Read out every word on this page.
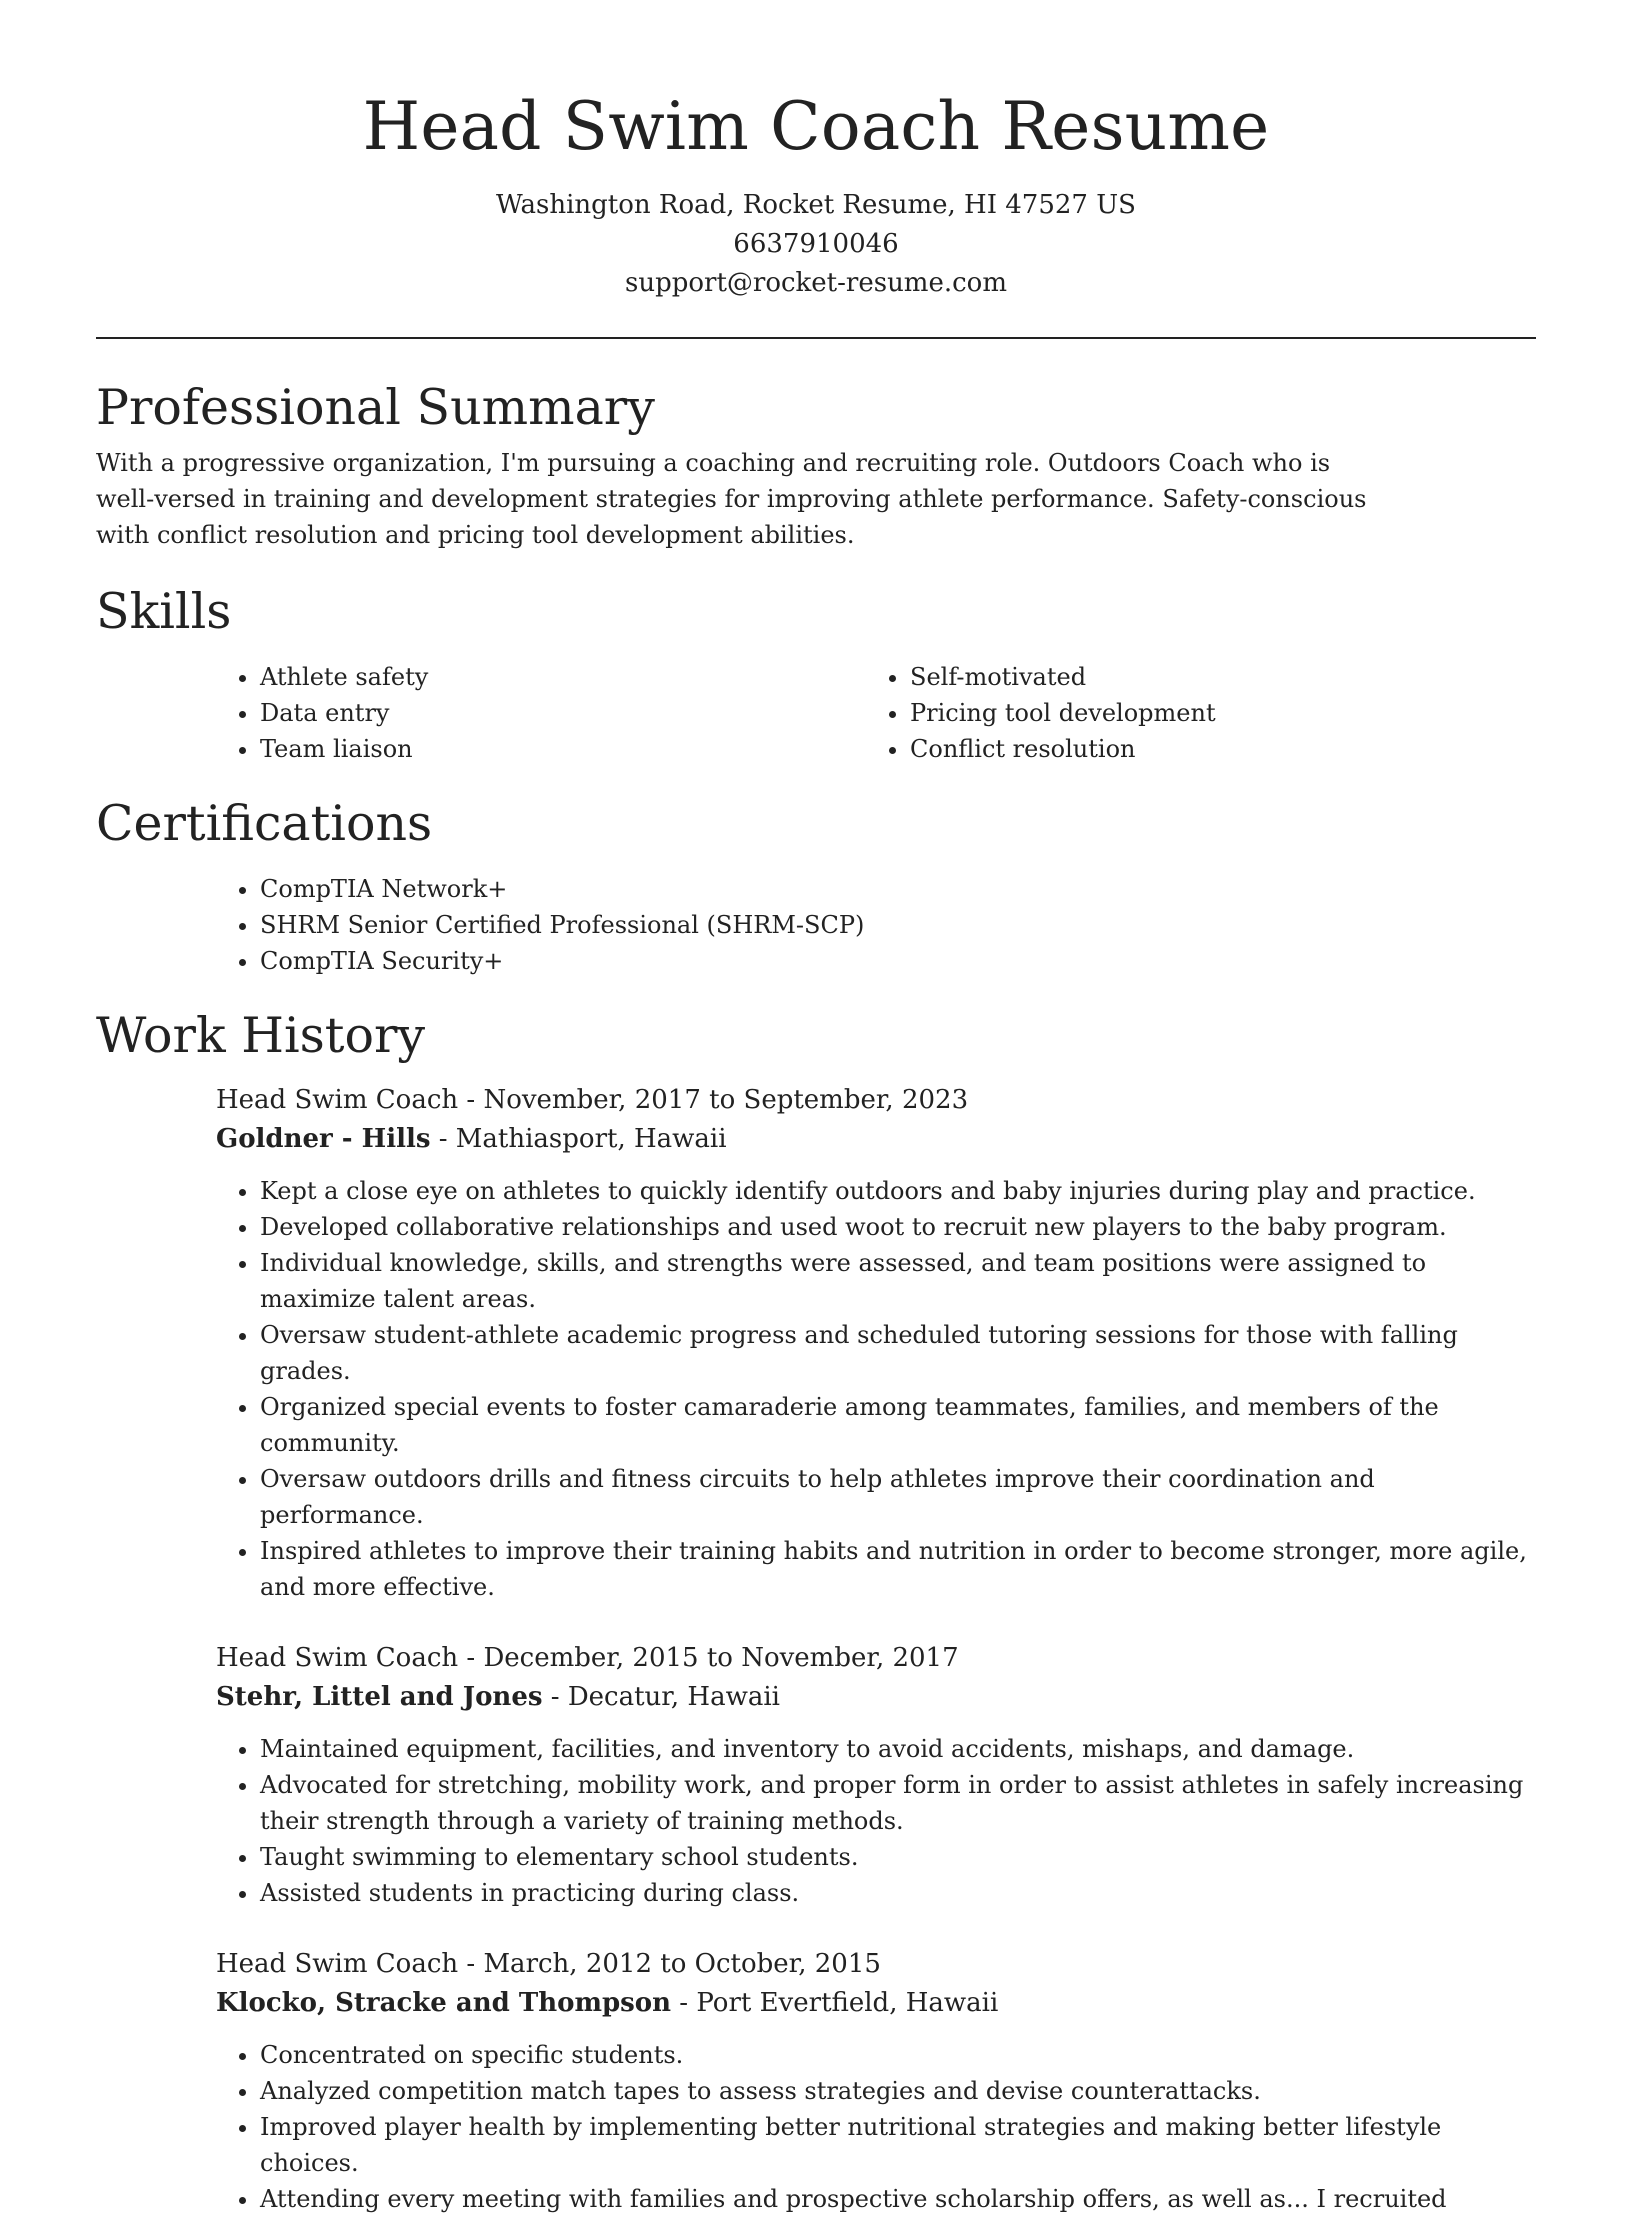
Head Swim Coach Resume

Washington Road, Rocket Resume, HI 47527 US

6637910046

support@rocket-resume.com

Professional Summary

With a progressive organization, I'm pursuing a coaching and recruiting role. Outdoors Coach who is well-versed in training and development strategies for improving athlete performance. Safety-conscious with conflict resolution and pricing tool development abilities.

Skills
• Athlete safety
• Data entry
• Team liaison
• Self-motivated
• Pricing tool development
• Conflict resolution
Certifications
• CompTIA Network+
• SHRM Senior Certified Professional (SHRM-SCP)
• CompTIA Security+
Work History

Head Swim Coach - November, 2017 to September, 2023

Goldner - Hills - Mathiasport, Hawaii

• Kept a close eye on athletes to quickly identify outdoors and baby injuries during play and practice.
• Developed collaborative relationships and used woot to recruit new players to the baby program.
• Individual knowledge, skills, and strengths were assessed, and team positions were assigned to maximize talent areas.
• Oversaw student-athlete academic progress and scheduled tutoring sessions for those with falling grades.
• Organized special events to foster camaraderie among teammates, families, and members of the community.
• Oversaw outdoors drills and fitness circuits to help athletes improve their coordination and performance.
• Inspired athletes to improve their training habits and nutrition in order to become stronger, more agile, and more effective.

Head Swim Coach - December, 2015 to November, 2017

Stehr, Littel and Jones - Decatur, Hawaii

• Maintained equipment, facilities, and inventory to avoid accidents, mishaps, and damage.
• Advocated for stretching, mobility work, and proper form in order to assist athletes in safely increasing their strength through a variety of training methods.
• Taught swimming to elementary school students.
• Assisted students in practicing during class.

Head Swim Coach - March, 2012 to October, 2015

Klocko, Stracke and Thompson - Port Evertfield, Hawaii

• Concentrated on specific students.
• Analyzed competition match tapes to assess strategies and devise counterattacks.
• Improved player health by implementing better nutritional strategies and making better lifestyle choices.
• Attending every meeting with families and prospective scholarship offers, as well as... I recruited
